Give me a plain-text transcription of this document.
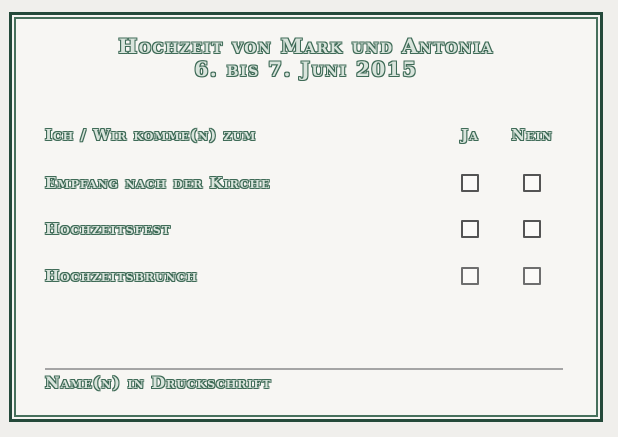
Hochzeit von Mark und Antonia
6. bis 7. Juni 2015
Ich / Wir komme(n) zum	Ja	Nein
Empfang nach der Kirche
Hochzeitsfest
Hochzeitsbrunch
Name(n) in Druckschrift
